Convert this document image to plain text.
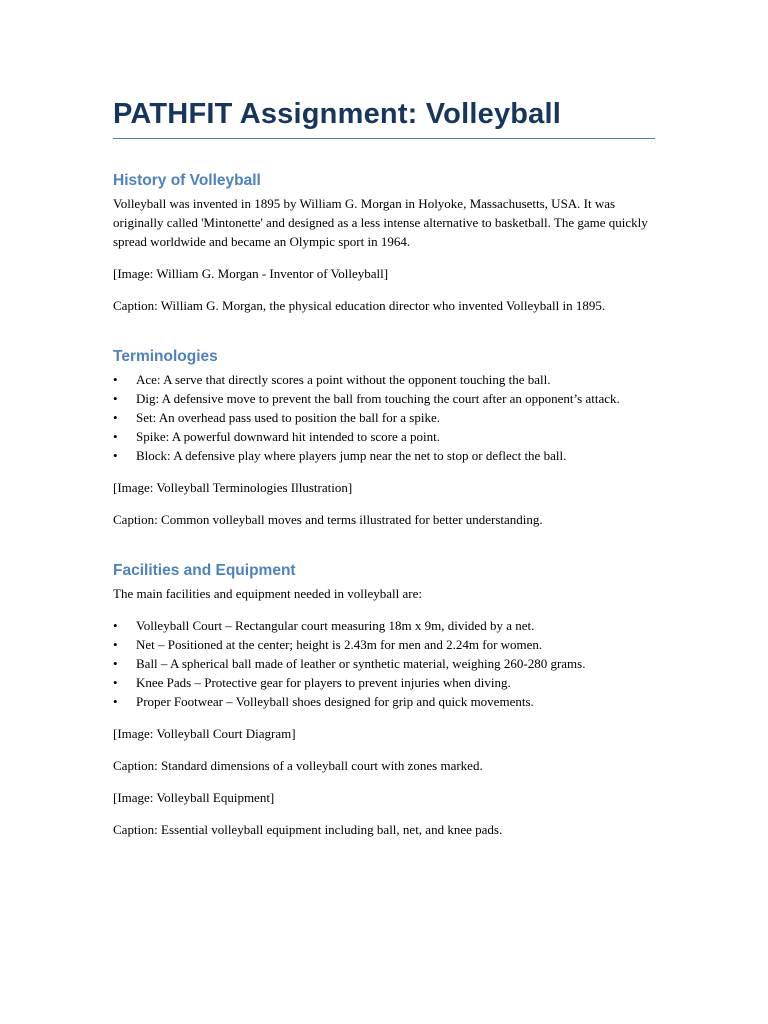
PATHFIT Assignment: Volleyball
History of Volleyball

Volleyball was invented in 1895 by William G. Morgan in Holyoke, Massachusetts, USA. It was originally called 'Mintonette' and designed as a less intense alternative to basketball. The game quickly spread worldwide and became an Olympic sport in 1964.

[Image: William G. Morgan - Inventor of Volleyball]

Caption: William G. Morgan, the physical education director who invented Volleyball in 1895.

Terminologies
• Ace: A serve that directly scores a point without the opponent touching the ball.
• Dig: A defensive move to prevent the ball from touching the court after an opponent’s attack.
• Set: An overhead pass used to position the ball for a spike.
• Spike: A powerful downward hit intended to score a point.
• Block: A defensive play where players jump near the net to stop or deflect the ball.

[Image: Volleyball Terminologies Illustration]

Caption: Common volleyball moves and terms illustrated for better understanding.

Facilities and Equipment

The main facilities and equipment needed in volleyball are:

• Volleyball Court – Rectangular court measuring 18m x 9m, divided by a net.
• Net – Positioned at the center; height is 2.43m for men and 2.24m for women.
• Ball – A spherical ball made of leather or synthetic material, weighing 260-280 grams.
• Knee Pads – Protective gear for players to prevent injuries when diving.
• Proper Footwear – Volleyball shoes designed for grip and quick movements.

[Image: Volleyball Court Diagram]

Caption: Standard dimensions of a volleyball court with zones marked.

[Image: Volleyball Equipment]

Caption: Essential volleyball equipment including ball, net, and knee pads.
